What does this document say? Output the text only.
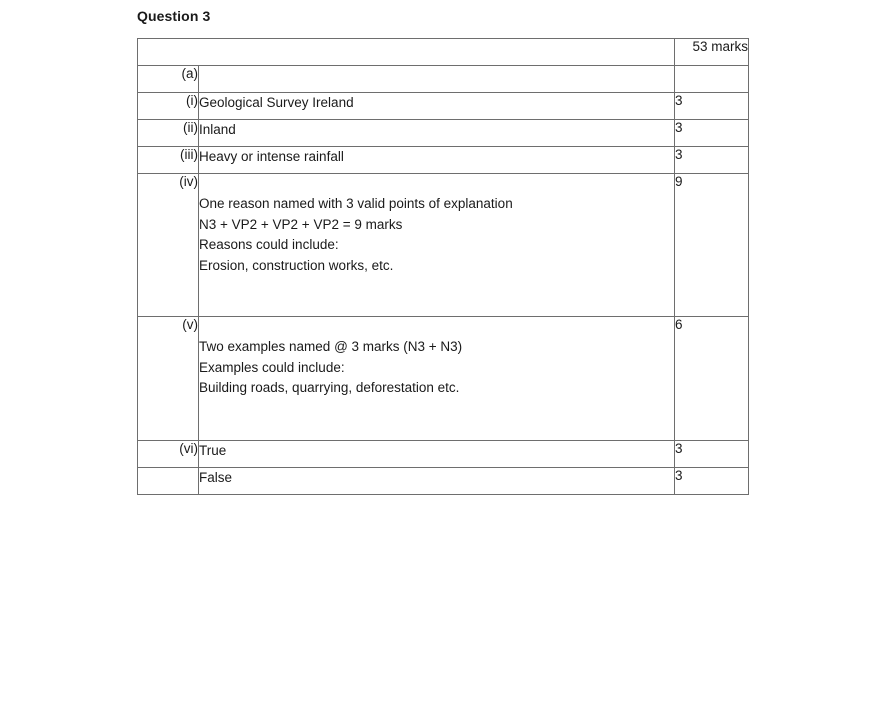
Question 3
		53 marks
(a)		
(i)	Geological Survey Ireland	3
(ii)	Inland	3
(iii)	Heavy or intense rainfall	3
(iv)	One reason named with 3 valid points of explanation
N3 + VP2 + VP2 + VP2 = 9 marks
Reasons could include:
Erosion, construction works, etc.	9
(v)	Two examples named @ 3 marks (N3 + N3)
Examples could include:
Building roads, quarrying, deforestation etc.	6
(vi)	True	3
	False	3
